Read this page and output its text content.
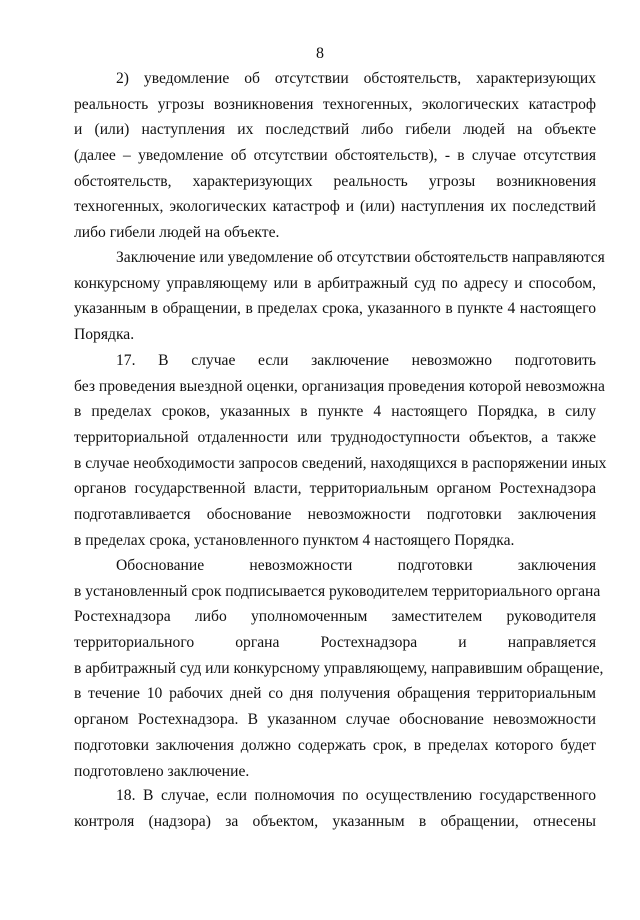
8
2) уведомление об отсутствии обстоятельств, характеризующих
реальность угрозы возникновения техногенных, экологических катастроф
и (или) наступления их последствий либо гибели людей на объекте
(далее – уведомление об отсутствии обстоятельств), - в случае отсутствия
обстоятельств, характеризующих реальность угрозы возникновения
техногенных, экологических катастроф и (или) наступления их последствий
либо гибели людей на объекте.
Заключение или уведомление об отсутствии обстоятельств направляются
конкурсному управляющему или в арбитражный суд по адресу и способом,
указанным в обращении, в пределах срока, указанного в пункте 4 настоящего
Порядка.
17. В случае если заключение невозможно подготовить
без проведения выездной оценки, организация проведения которой невозможна
в пределах сроков, указанных в пункте 4 настоящего Порядка, в силу
территориальной отдаленности или труднодоступности объектов, а также
в случае необходимости запросов сведений, находящихся в распоряжении иных
органов государственной власти, территориальным органом Ростехнадзора
подготавливается обоснование невозможности подготовки заключения
в пределах срока, установленного пунктом 4 настоящего Порядка.
Обоснование невозможности подготовки заключения
в установленный срок подписывается руководителем территориального органа
Ростехнадзора либо уполномоченным заместителем руководителя
территориального органа Ростехнадзора и направляется
в арбитражный суд или конкурсному управляющему, направившим обращение,
в течение 10 рабочих дней со дня получения обращения территориальным
органом Ростехнадзора. В указанном случае обоснование невозможности
подготовки заключения должно содержать срок, в пределах которого будет
подготовлено заключение.
18. В случае, если полномочия по осуществлению государственного
контроля (надзора) за объектом, указанным в обращении, отнесены
